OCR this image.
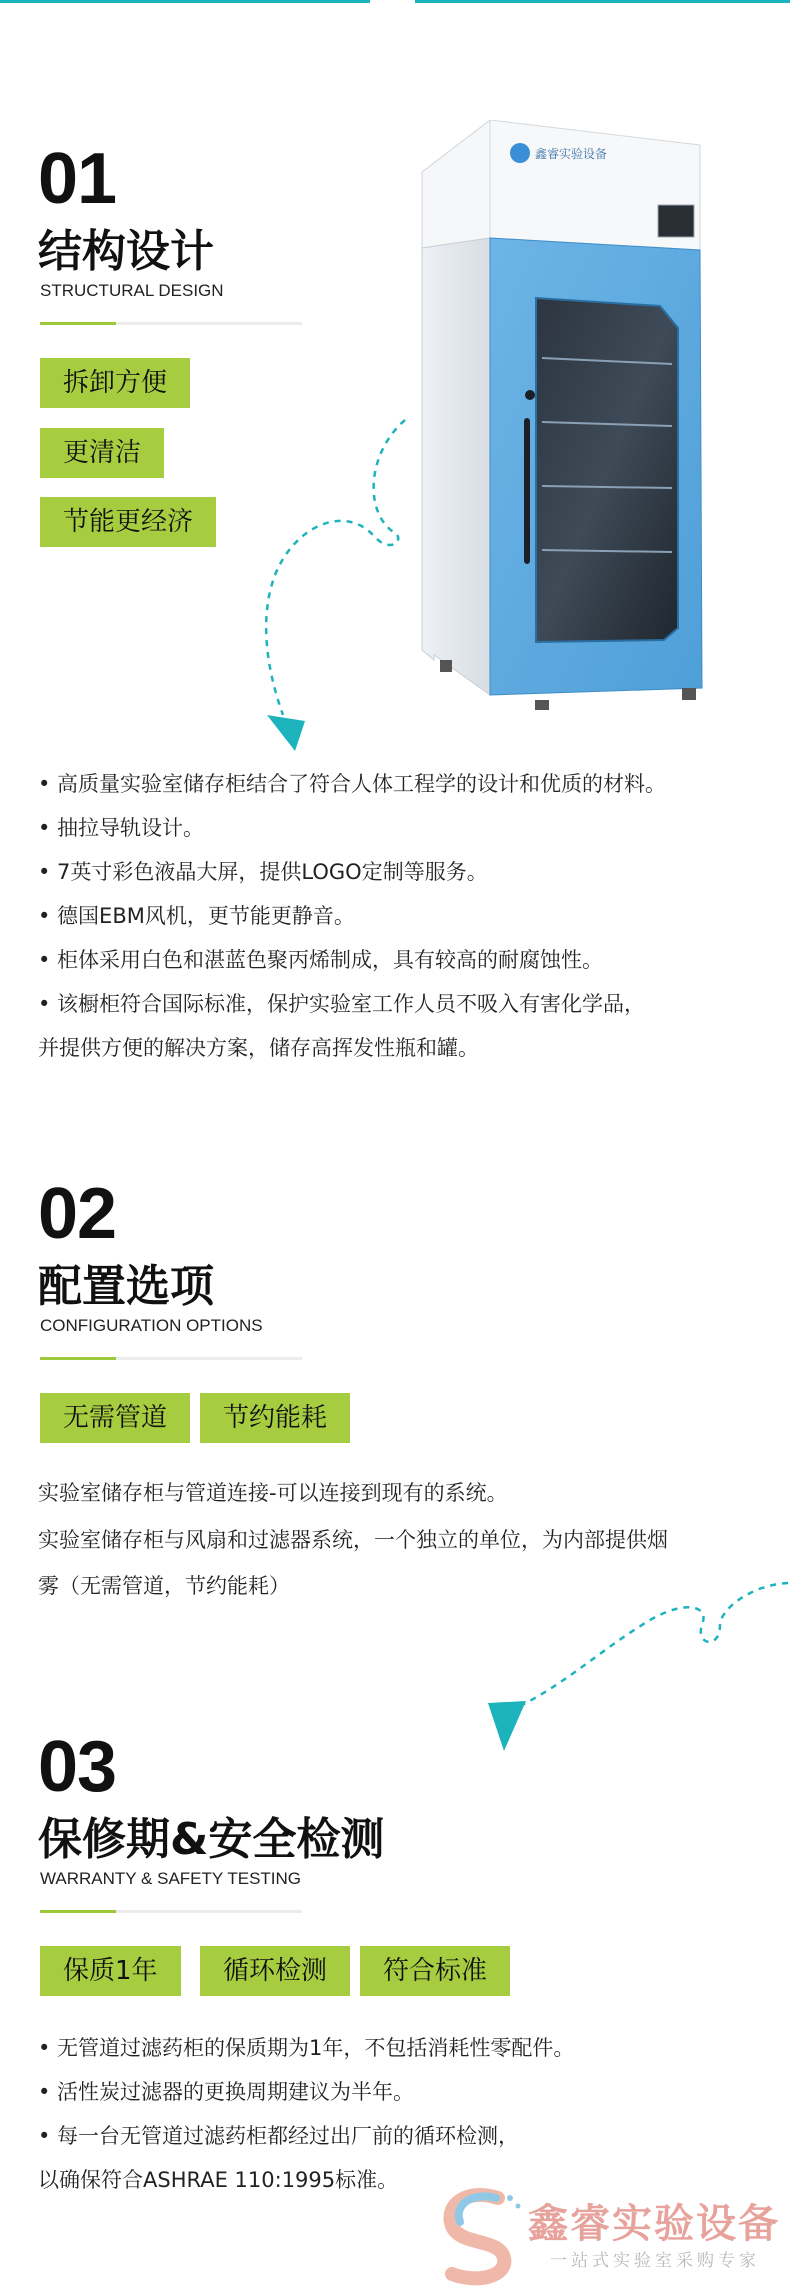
01
结构设计
STRUCTURAL DESIGN
拆卸方便
更清洁
节能更经济
鑫睿实验设备
• 高质量实验室储存柜结合了符合人体工程学的设计和优质的材料。
• 抽拉导轨设计。
• 7英寸彩色液晶大屏，提供LOGO定制等服务。
• 德国EBM风机，更节能更静音。
• 柜体采用白色和湛蓝色聚丙烯制成，具有较高的耐腐蚀性。
• 该橱柜符合国际标准，保护实验室工作人员不吸入有害化学品，
并提供方便的解决方案，储存高挥发性瓶和罐。
02
配置选项
CONFIGURATION OPTIONS
无需管道	节约能耗
实验室储存柜与管道连接-可以连接到现有的系统。
实验室储存柜与风扇和过滤器系统，一个独立的单位，为内部提供烟
雾（无需管道，节约能耗）
03
保修期&安全检测
WARRANTY & SAFETY TESTING
保质1年	循环检测	符合标准
• 无管道过滤药柜的保质期为1年，不包括消耗性零配件。
• 活性炭过滤器的更换周期建议为半年。
• 每一台无管道过滤药柜都经过出厂前的循环检测，
以确保符合ASHRAE 110:1995标准。
鑫睿实验设备
一站式实验室采购专家
